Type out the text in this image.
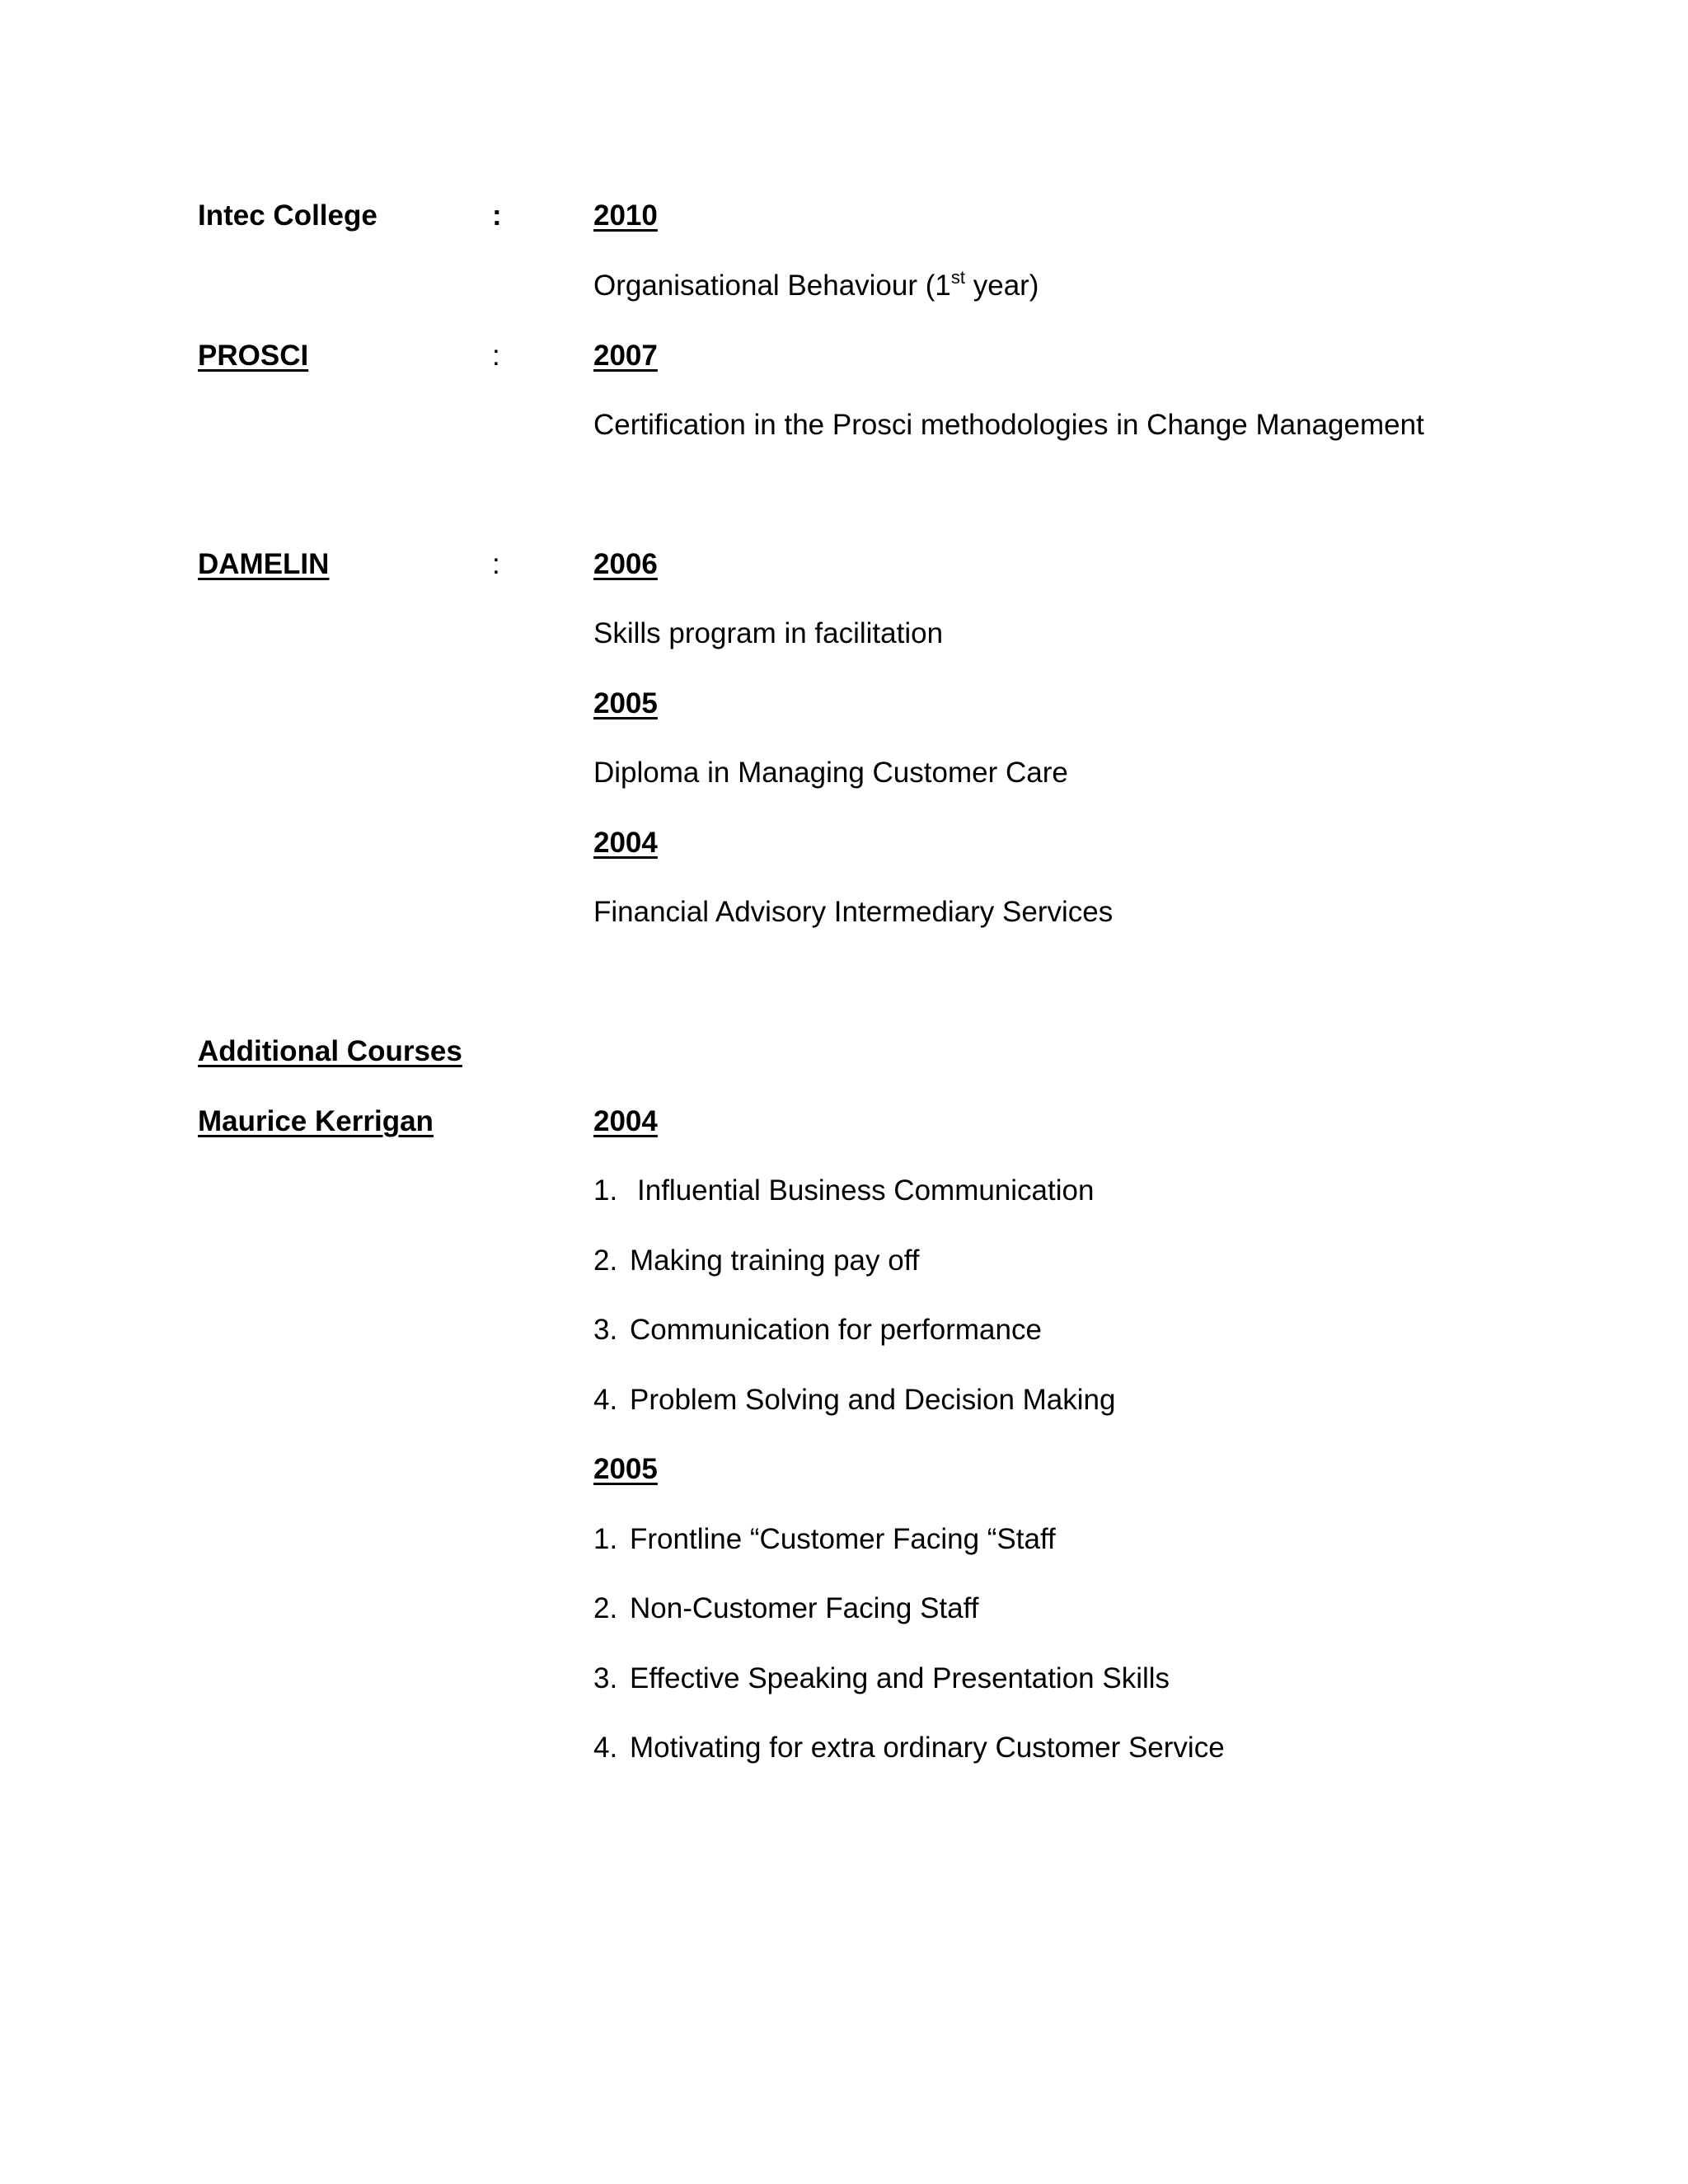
Intec College	:	2010
Organisational Behaviour (1st year)
PROSCI	:	2007
Certification in the Prosci methodologies in Change Management
DAMELIN	:	2006
Skills program in facilitation
2005
Diploma in Managing Customer Care
2004
Financial Advisory Intermediary Services
Additional Courses
Maurice Kerrigan	2004
1. Influential Business Communication
2. Making training pay off
3. Communication for performance
4. Problem Solving and Decision Making
2005
1. Frontline “Customer Facing “Staff
2. Non-Customer Facing Staff
3. Effective Speaking and Presentation Skills
4. Motivating for extra ordinary Customer Service
